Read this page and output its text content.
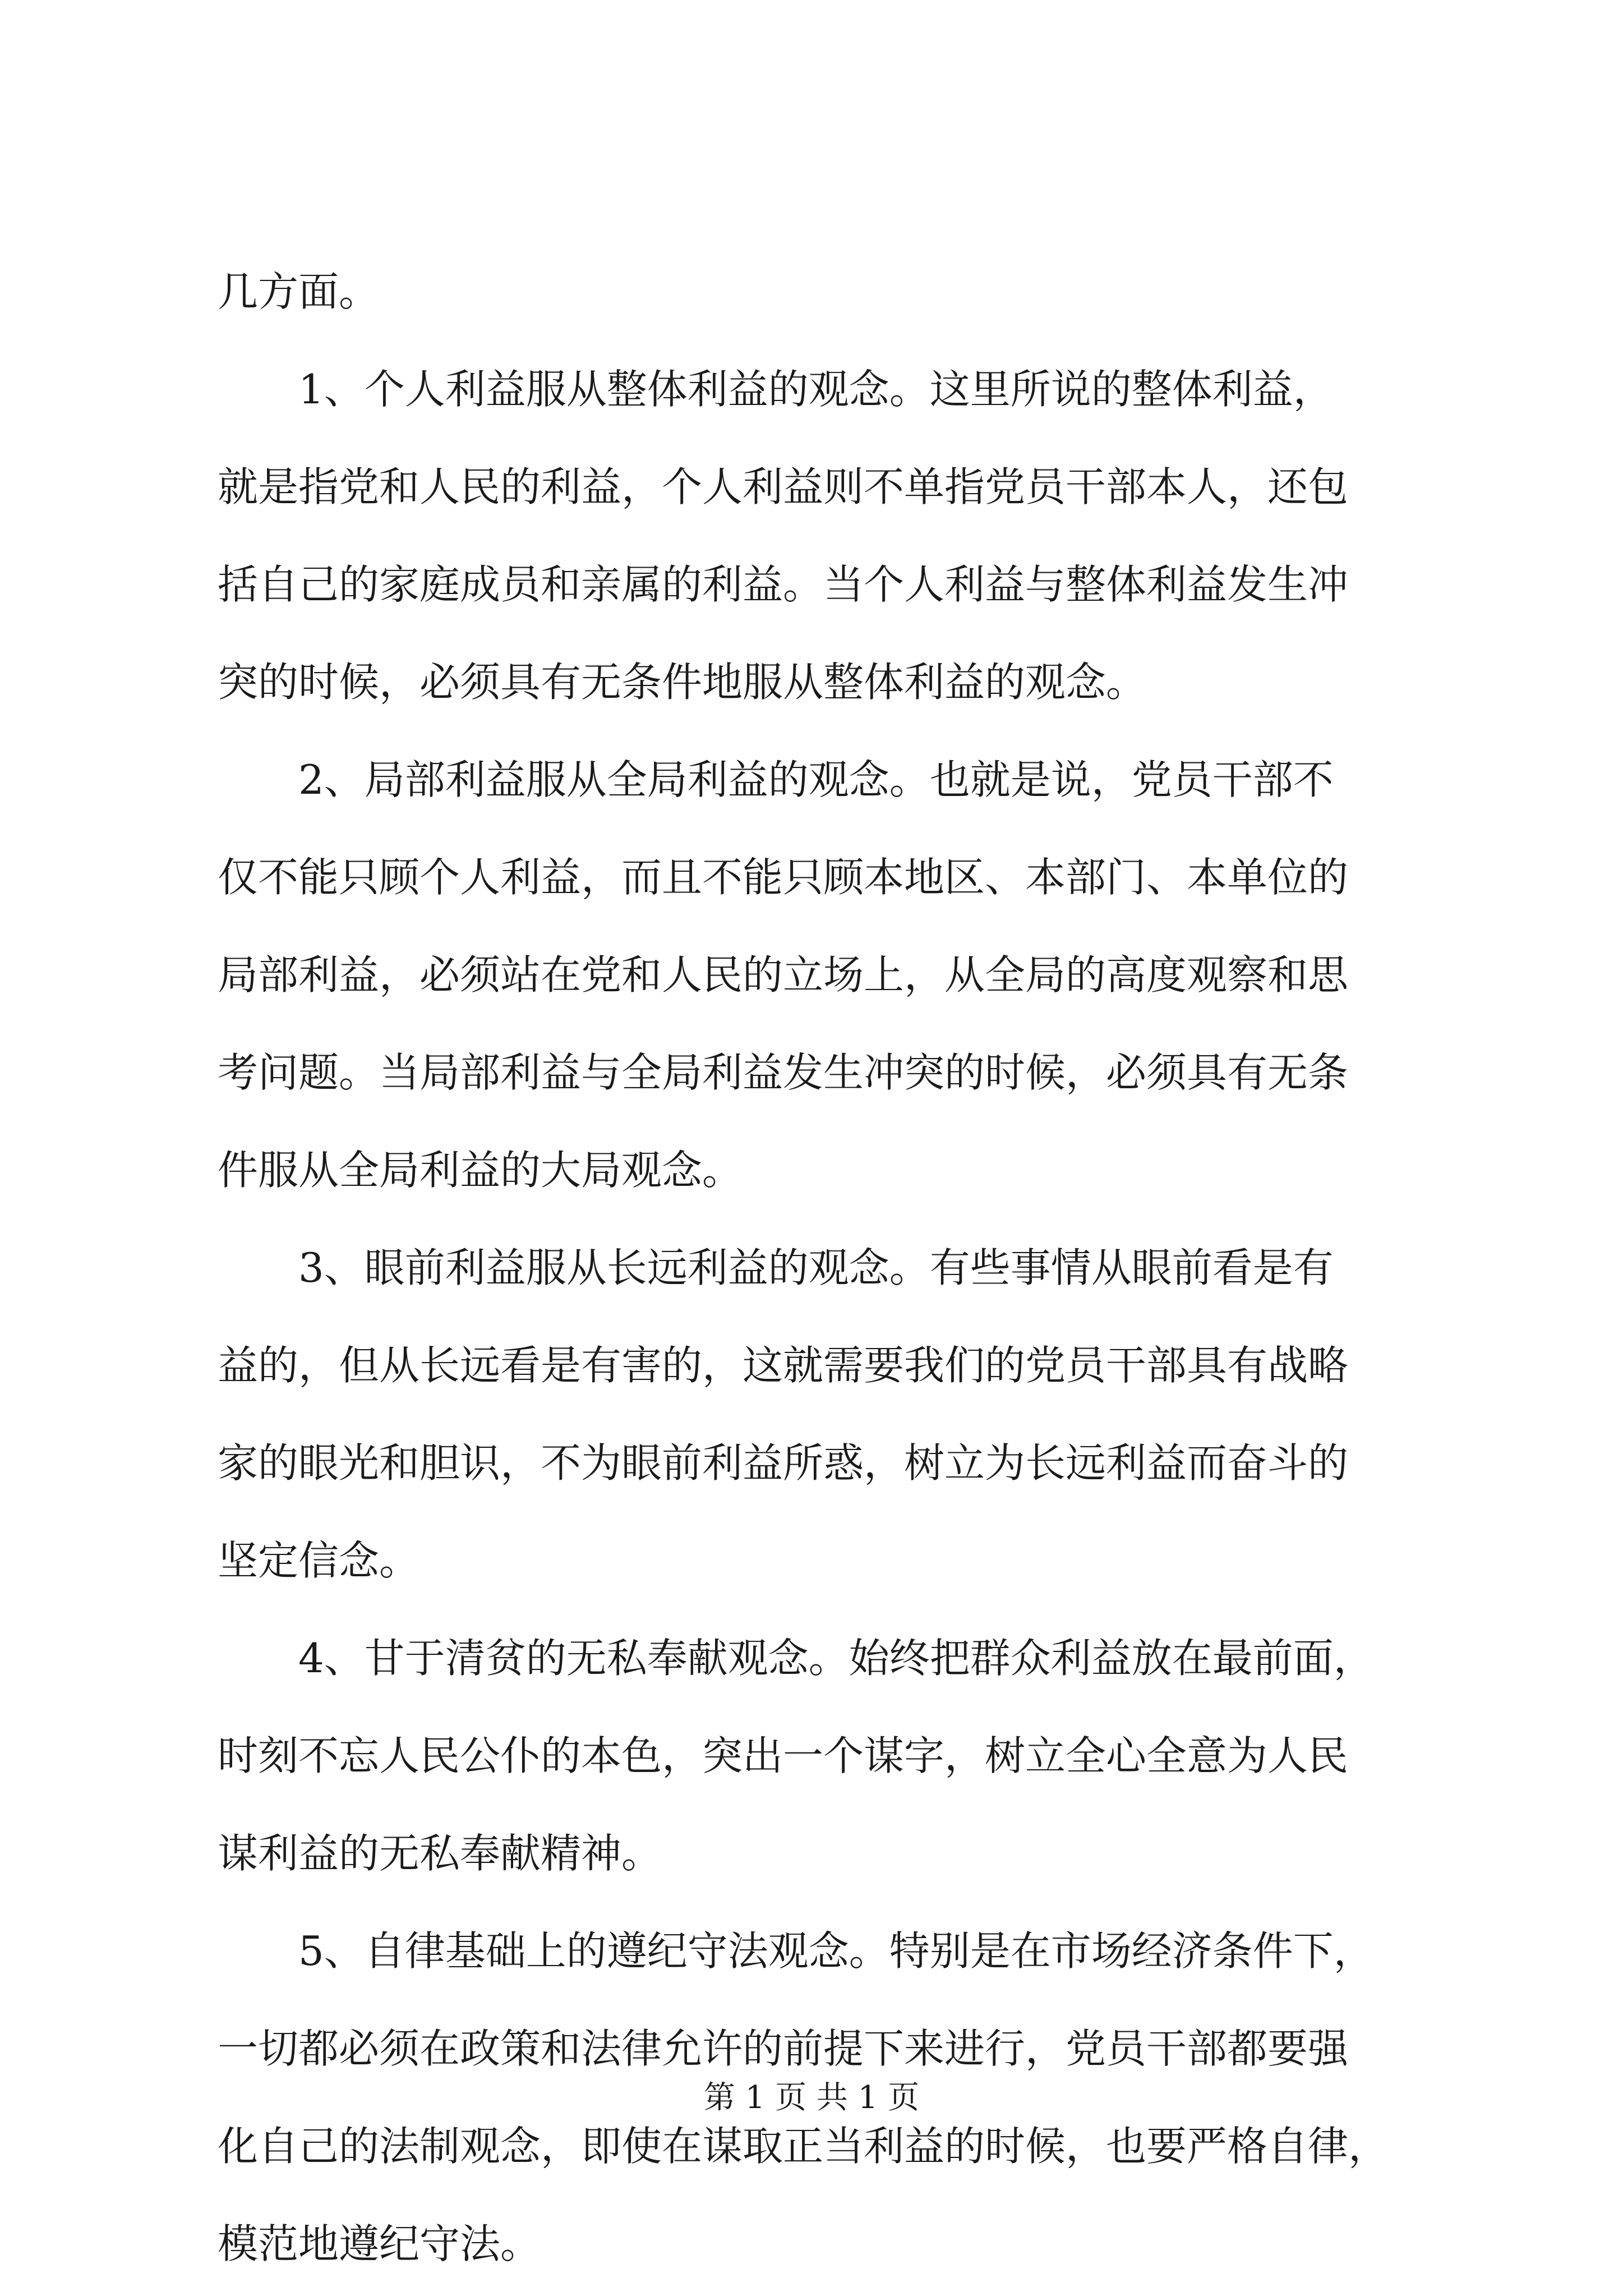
几方面。
1、个人利益服从整体利益的观念。这里所说的整体利益，
就是指党和人民的利益，个人利益则不单指党员干部本人，还包
括自己的家庭成员和亲属的利益。当个人利益与整体利益发生冲
突的时候，必须具有无条件地服从整体利益的观念。
2、局部利益服从全局利益的观念。也就是说，党员干部不
仅不能只顾个人利益，而且不能只顾本地区、本部门、本单位的
局部利益，必须站在党和人民的立场上，从全局的高度观察和思
考问题。当局部利益与全局利益发生冲突的时候，必须具有无条
件服从全局利益的大局观念。
3、眼前利益服从长远利益的观念。有些事情从眼前看是有
益的，但从长远看是有害的，这就需要我们的党员干部具有战略
家的眼光和胆识，不为眼前利益所惑，树立为长远利益而奋斗的
坚定信念。
4、甘于清贫的无私奉献观念。始终把群众利益放在最前面，
时刻不忘人民公仆的本色，突出一个谋字，树立全心全意为人民
谋利益的无私奉献精神。
5、自律基础上的遵纪守法观念。特别是在市场经济条件下，
一切都必须在政策和法律允许的前提下来进行，党员干部都要强
化自己的法制观念，即使在谋取正当利益的时候，也要严格自律，
模范地遵纪守法。
第 1 页 共 1 页
